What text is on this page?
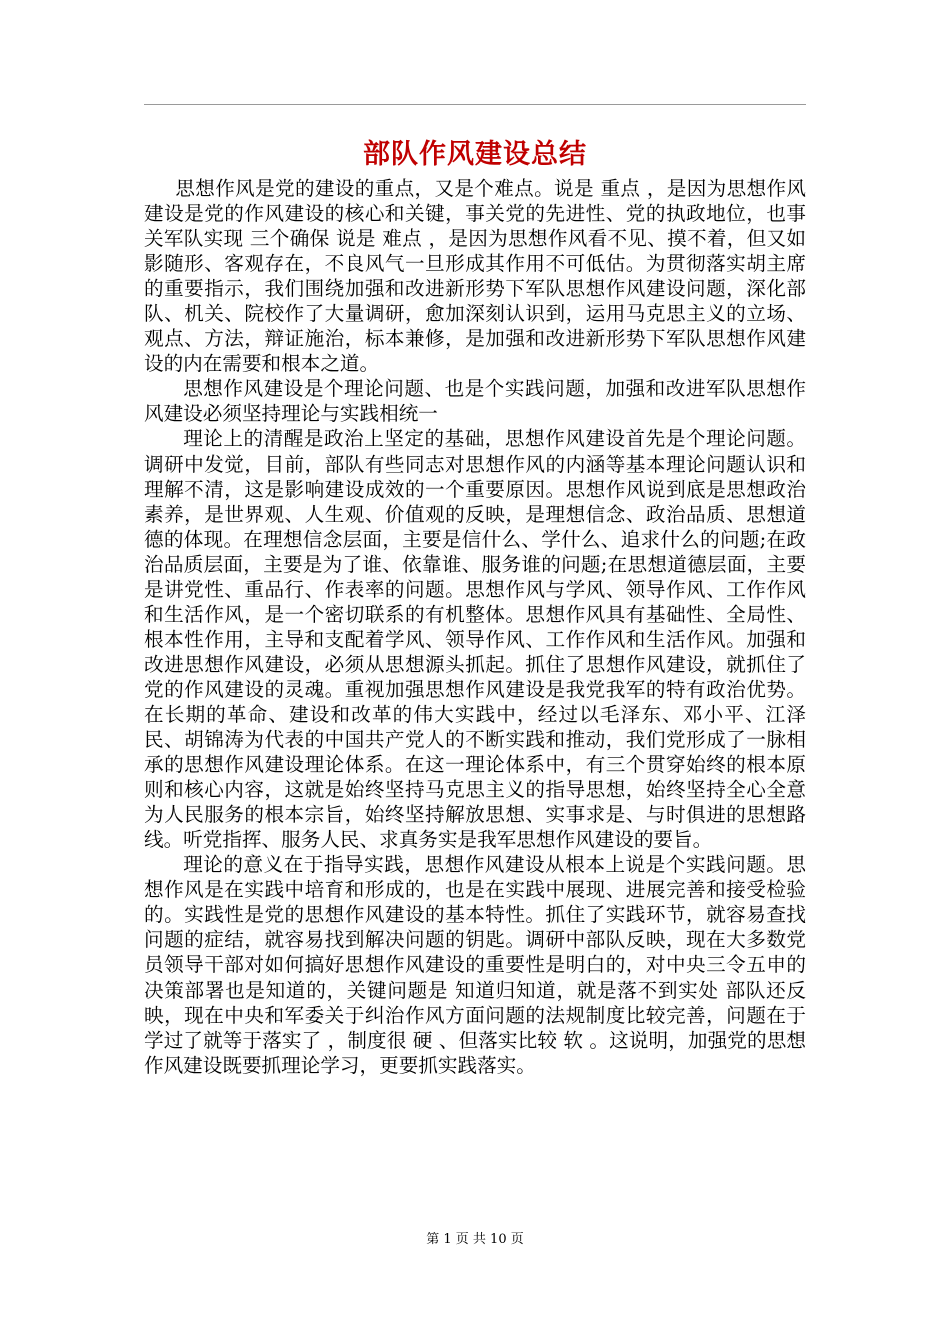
部队作风建设总结

思想作风是党的建设的重点，又是个难点。说是 重点 ，是因为思想作风建设是党的作风建设的核心和关键，事关党的先进性、党的执政地位，也事关军队实现 三个确保 说是 难点 ，是因为思想作风看不见、摸不着，但又如影随形、客观存在，不良风气一旦形成其作用不可低估。为贯彻落实胡主席的重要指示，我们围绕加强和改进新形势下军队思想作风建设问题，深化部队、机关、院校作了大量调研，愈加深刻认识到，运用马克思主义的立场、观点、方法，辩证施治，标本兼修，是加强和改进新形势下军队思想作风建设的内在需要和根本之道。

思想作风建设是个理论问题、也是个实践问题，加强和改进军队思想作风建设必须坚持理论与实践相统一

理论上的清醒是政治上坚定的基础，思想作风建设首先是个理论问题。调研中发觉，目前，部队有些同志对思想作风的内涵等基本理论问题认识和理解不清，这是影响建设成效的一个重要原因。思想作风说到底是思想政治素养，是世界观、人生观、价值观的反映，是理想信念、政治品质、思想道德的体现。在理想信念层面，主要是信什么、学什么、追求什么的问题;在政治品质层面，主要是为了谁、依靠谁、服务谁的问题;在思想道德层面，主要是讲党性、重品行、作表率的问题。思想作风与学风、领导作风、工作作风和生活作风，是一个密切联系的有机整体。思想作风具有基础性、全局性、根本性作用，主导和支配着学风、领导作风、工作作风和生活作风。加强和改进思想作风建设，必须从思想源头抓起。抓住了思想作风建设，就抓住了党的作风建设的灵魂。重视加强思想作风建设是我党我军的特有政治优势。在长期的革命、建设和改革的伟大实践中，经过以毛泽东、邓小平、江泽民、胡锦涛为代表的中国共产党人的不断实践和推动，我们党形成了一脉相承的思想作风建设理论体系。在这一理论体系中，有三个贯穿始终的根本原则和核心内容，这就是始终坚持马克思主义的指导思想，始终坚持全心全意为人民服务的根本宗旨，始终坚持解放思想、实事求是、与时俱进的思想路线。听党指挥、服务人民、求真务实是我军思想作风建设的要旨。

理论的意义在于指导实践，思想作风建设从根本上说是个实践问题。思想作风是在实践中培育和形成的，也是在实践中展现、进展完善和接受检验的。实践性是党的思想作风建设的基本特性。抓住了实践环节，就容易查找问题的症结，就容易找到解决问题的钥匙。调研中部队反映，现在大多数党员领导干部对如何搞好思想作风建设的重要性是明白的，对中央三令五申的决策部署也是知道的，关键问题是 知道归知道，就是落不到实处 部队还反映，现在中央和军委关于纠治作风方面问题的法规制度比较完善，问题在于 学过了就等于落实了 ，制度很 硬 、但落实比较 软 。这说明，加强党的思想作风建设既要抓理论学习，更要抓实践落实。

第 1 页 共 10 页
